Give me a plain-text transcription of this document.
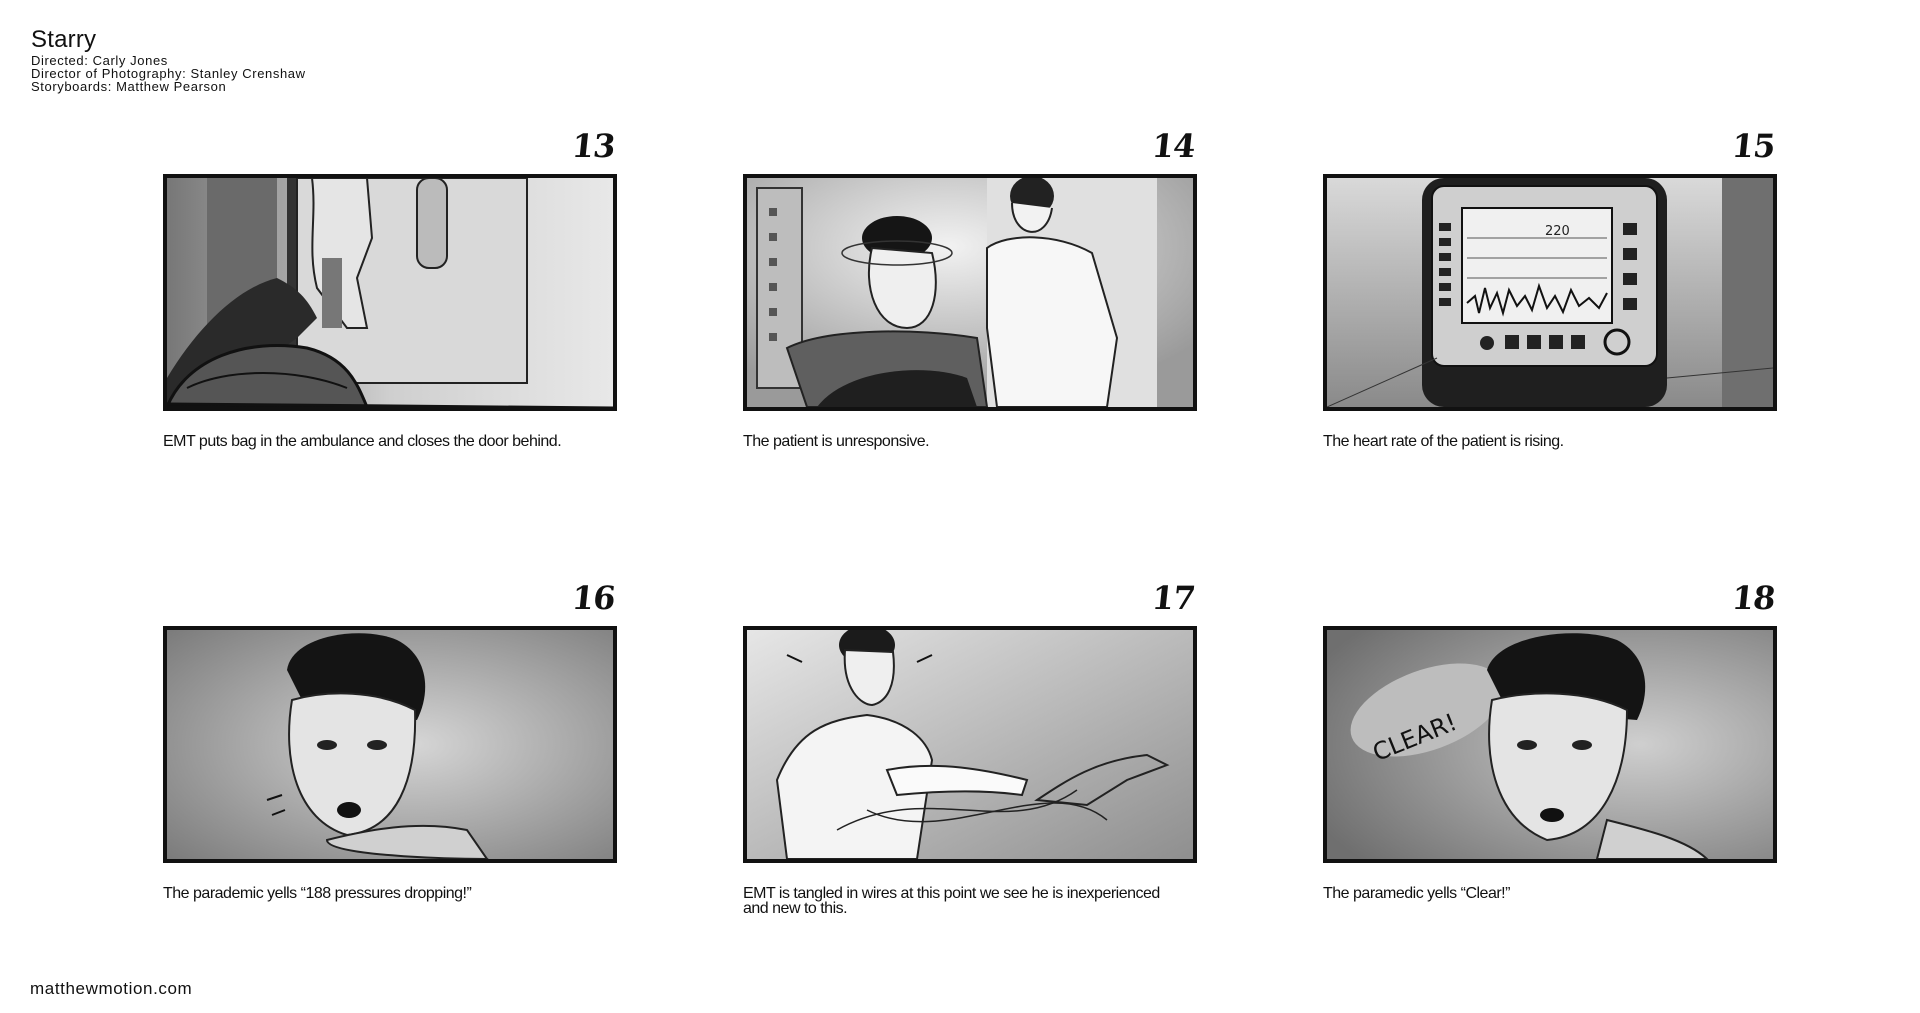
Starry

Directed: Carly Jones

Director of Photography: Stanley Crenshaw

Storyboards: Matthew Pearson

13

EMT puts bag in the ambulance and closes the door behind.

14

The patient is unresponsive.

15
220

The heart rate of the patient is rising.

16

The parademic yells “188 pressures dropping!”

17

EMT is tangled in wires at this point we see he is inexperienced and new to this.

18
CLEAR!

The paramedic yells “Clear!”

matthewmotion.com
